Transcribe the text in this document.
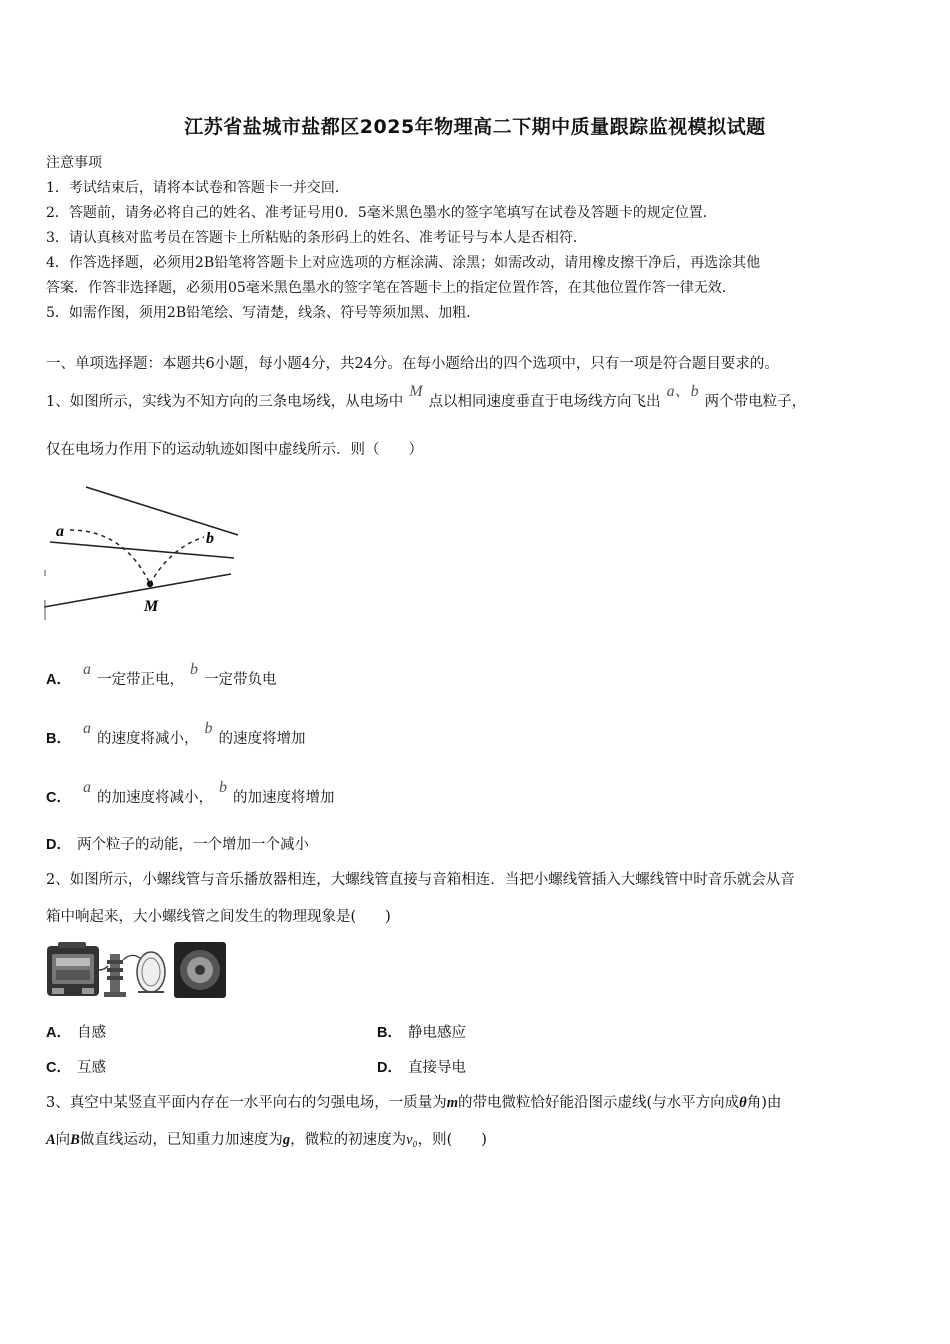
江苏省盐城市盐都区2025年物理高二下期中质量跟踪监视模拟试题
注意事项
1．考试结束后，请将本试卷和答题卡一并交回．
2．答题前，请务必将自己的姓名、准考证号用0．5毫米黑色墨水的签字笔填写在试卷及答题卡的规定位置．
3．请认真核对监考员在答题卡上所粘贴的条形码上的姓名、准考证号与本人是否相符．
4．作答选择题，必须用2B铅笔将答题卡上对应选项的方框涂满、涂黑；如需改动，请用橡皮擦干净后，再选涂其他
答案．作答非选择题，必须用05毫米黑色墨水的签字笔在答题卡上的指定位置作答，在其他位置作答一律无效．
5．如需作图，须用2B铅笔绘、写清楚，线条、符号等须加黑、加粗．
一、单项选择题：本题共6小题，每小题4分，共24分。在每小题给出的四个选项中，只有一项是符合题目要求的。
1、如图所示，实线为不知方向的三条电场线，从电场中M点以相同速度垂直于电场线方向飞出a、b两个带电粒子，
仅在电场力作用下的运动轨迹如图中虚线所示．则（　　）
a	b
M
A．a一定带正电，b一定带负电
B．a的速度将减小，b的速度将增加
C．a的加速度将减小，b的加速度将增加
D． 两个粒子的动能，一个增加一个减小
2、如图所示，小螺线管与音乐播放器相连，大螺线管直接与音箱相连．当把小螺线管插入大螺线管中时音乐就会从音
箱中响起来，大小螺线管之间发生的物理现象是(　　)
A． 自感	B． 静电感应
C． 互感	D． 直接导电
3、真空中某竖直平面内存在一水平向右的匀强电场，一质量为m的带电微粒恰好能沿图示虚线(与水平方向成θ角)由
A向B做直线运动，已知重力加速度为g，微粒的初速度为v₀，则(　　)
